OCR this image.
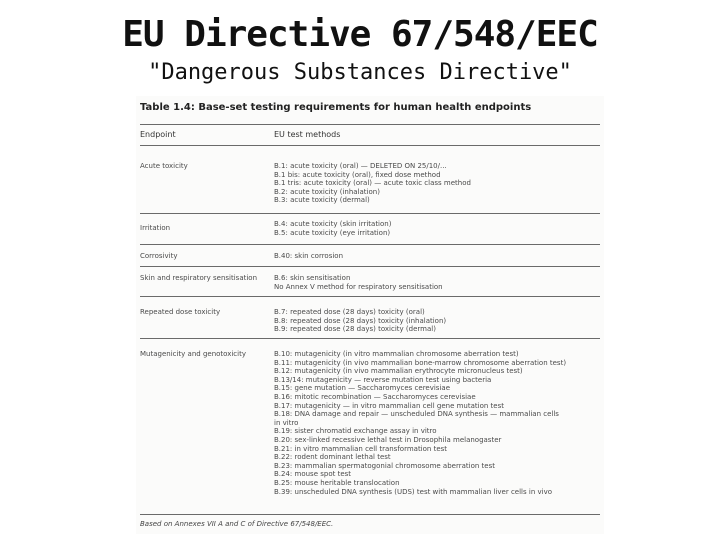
EU Directive 67/548/EEC
"Dangerous Substances Directive"
Table 1.4: Base-set testing requirements for human health endpoints
Endpoint	EU test methods
Acute toxicity	B.1: acute toxicity (oral) — DELETED ON 25/10/...
B.1 bis: acute toxicity (oral), fixed dose method
B.1 tris: acute toxicity (oral) — acute toxic class method
B.2: acute toxicity (inhalation)
B.3: acute toxicity (dermal)
Irritation	B.4: acute toxicity (skin irritation)
B.5: acute toxicity (eye irritation)
Corrosivity	B.40: skin corrosion
Skin and respiratory sensitisation	B.6: skin sensitisation
No Annex V method for respiratory sensitisation
Repeated dose toxicity	B.7: repeated dose (28 days) toxicity (oral)
B.8: repeated dose (28 days) toxicity (inhalation)
B.9: repeated dose (28 days) toxicity (dermal)
Mutagenicity and genotoxicity	B.10: mutagenicity (in vitro mammalian chromosome aberration test)
B.11: mutagenicity (in vivo mammalian bone-marrow chromosome aberration test)
B.12: mutagenicity (in vivo mammalian erythrocyte micronucleus test)
B.13/14: mutagenicity — reverse mutation test using bacteria
B.15: gene mutation — Saccharomyces cerevisiae
B.16: mitotic recombination — Saccharomyces cerevisiae
B.17: mutagenicity — in vitro mammalian cell gene mutation test
B.18: DNA damage and repair — unscheduled DNA synthesis — mammalian cells
in vitro
B.19: sister chromatid exchange assay in vitro
B.20: sex-linked recessive lethal test in Drosophila melanogaster
B.21: in vitro mammalian cell transformation test
B.22: rodent dominant lethal test
B.23: mammalian spermatogonial chromosome aberration test
B.24: mouse spot test
B.25: mouse heritable translocation
B.39: unscheduled DNA synthesis (UDS) test with mammalian liver cells in vivo
Based on Annexes VII A and C of Directive 67/548/EEC.
